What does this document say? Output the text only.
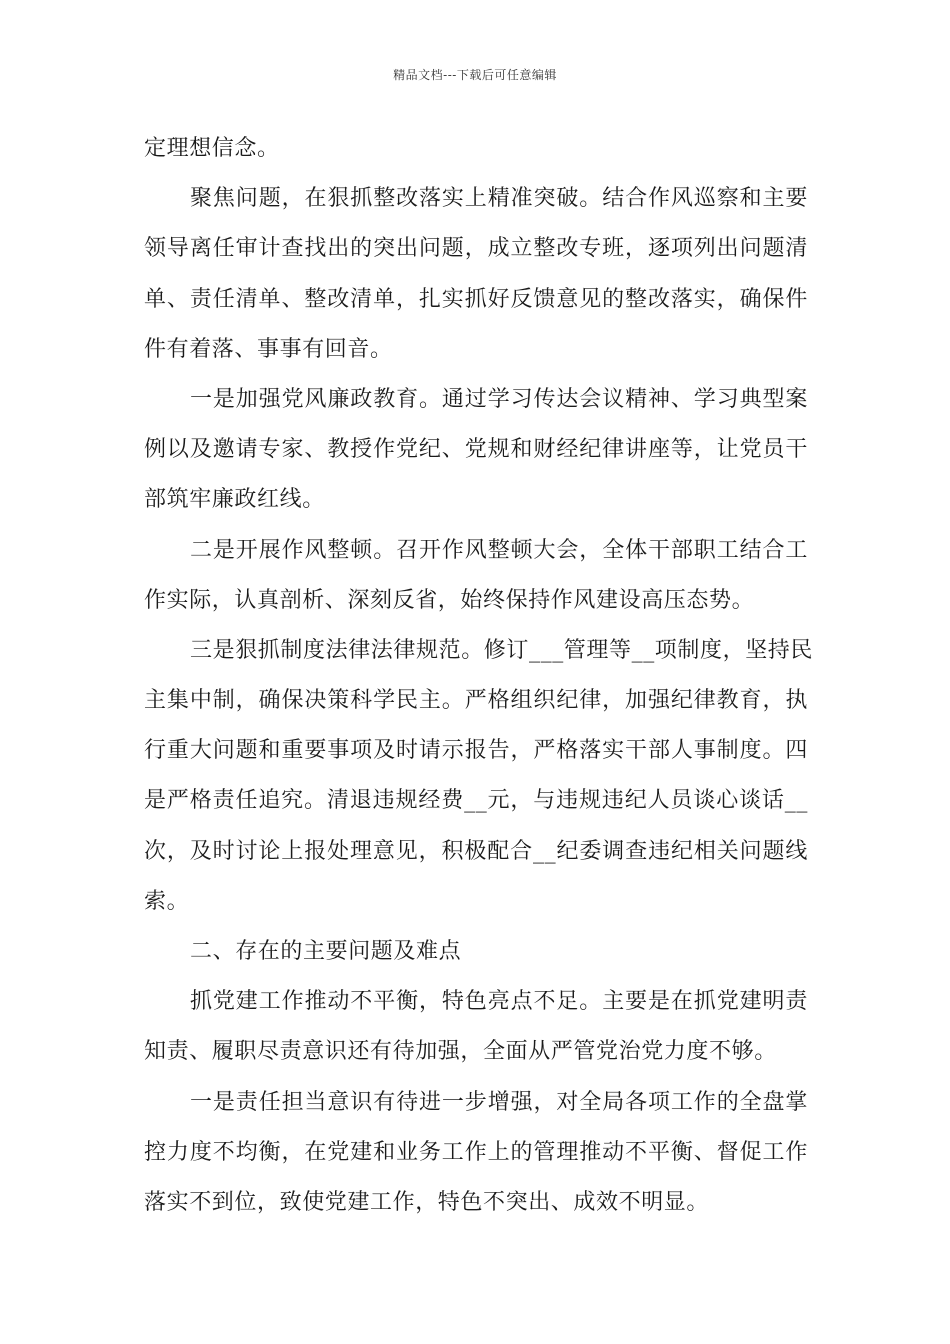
精品文档---下载后可任意编辑
定理想信念。
聚焦问题，在狠抓整改落实上精准突破。结合作风巡察和主要
领导离任审计查找出的突出问题，成立整改专班，逐项列出问题清
单、责任清单、整改清单，扎实抓好反馈意见的整改落实，确保件
件有着落、事事有回音。
一是加强党风廉政教育。通过学习传达会议精神、学习典型案
例以及邀请专家、教授作党纪、党规和财经纪律讲座等，让党员干
部筑牢廉政红线。
二是开展作风整顿。召开作风整顿大会，全体干部职工结合工
作实际，认真剖析、深刻反省，始终保持作风建设高压态势。
三是狠抓制度法律法律规范。修订___管理等__项制度，坚持民
主集中制，确保决策科学民主。严格组织纪律，加强纪律教育，执
行重大问题和重要事项及时请示报告，严格落实干部人事制度。四
是严格责任追究。清退违规经费__元，与违规违纪人员谈心谈话__
次，及时讨论上报处理意见，积极配合__纪委调查违纪相关问题线
索。
二、存在的主要问题及难点
抓党建工作推动不平衡，特色亮点不足。主要是在抓党建明责
知责、履职尽责意识还有待加强，全面从严管党治党力度不够。
一是责任担当意识有待进一步增强，对全局各项工作的全盘掌
控力度不均衡，在党建和业务工作上的管理推动不平衡、督促工作
落实不到位，致使党建工作，特色不突出、成效不明显。
